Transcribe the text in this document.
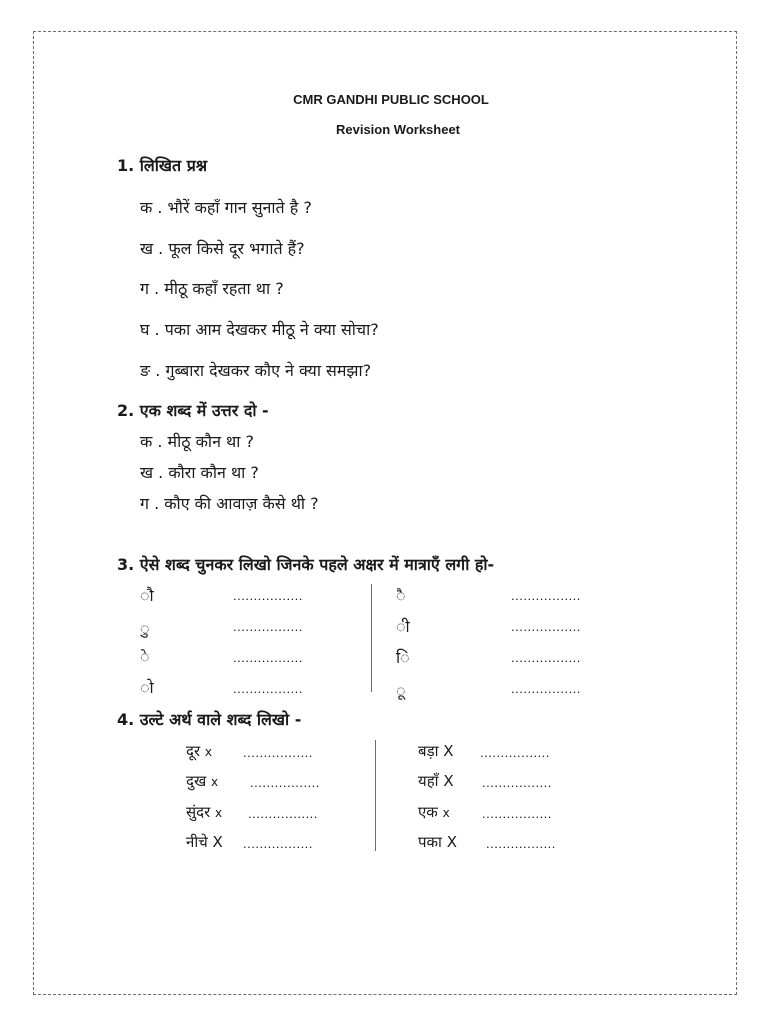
CMR GANDHI PUBLIC SCHOOL
Revision Worksheet
1. लिखित प्रश्न
क . भौरें कहाँ गान सुनाते है ?
ख . फूल किसे दूर भगाते हैं?
ग . मीठू कहाँ रहता था ?
घ . पका आम देखकर मीठू ने क्या सोचा?
ङ . गुब्बारा देखकर कौए ने क्या समझा?
2. एक शब्द में उत्तर दो -
क . मीठू कौन था ?
ख . कौरा कौन था ?
ग . कौए की आवाज़ कैसे थी ?
3. ऐसे शब्द चुनकर लिखो जिनके पहले अक्षर में मात्राएँ लगी हो-
ौ	.................	ै	.................
ु	.................	ी	.................
े	.................	ि	.................
ो	.................	ू	.................
4. उल्टे अर्थ वाले शब्द लिखो -
दूर x .................	बड़ा X .................
दुख x .................	यहाँ X .................
सुंदर x .................	एक x .................
नीचे X .................	पका X .................
